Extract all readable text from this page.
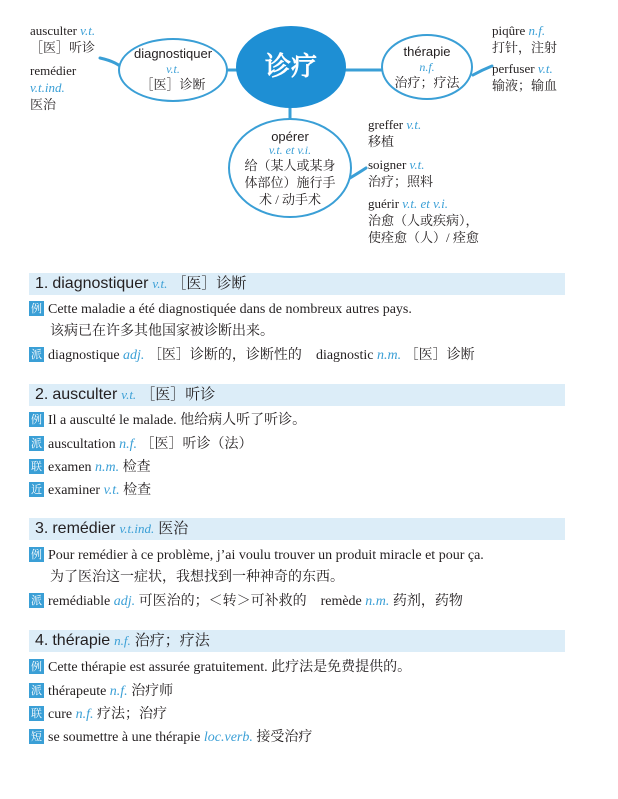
诊疗
diagnostiquer
v.t.
［医］诊断
thérapie
n.f.
治疗；疗法
opérer
v.t. et v.i.
给（某人或某身
体部位）施行手
术 / 动手术
ausculter v.t.
［医］听诊
remédier
v.t.ind.
医治
piqûre n.f.
打针，注射
perfuser v.t.
输液；输血
greffer v.t.
移植
soigner v.t.
治疗；照料
guérir v.t. et v.i.
治愈（人或疾病），
使痊愈（人）/ 痊愈
1. diagnostiquer v.t. ［医］诊断
例 Cette maladie a été diagnostiquée dans de nombreux autres pays.
该病已在许多其他国家被诊断出来。
派 diagnostique adj. ［医］诊断的，诊断性的 diagnostic n.m. ［医］诊断
2. ausculter v.t. ［医］听诊
例 Il a ausculté le malade. 他给病人听了听诊。
派 auscultation n.f. ［医］听诊（法）
联 examen n.m. 检查
近 examiner v.t. 检查
3. remédier v.t.ind. 医治
例 Pour remédier à ce problème, j’ai voulu trouver un produit miracle et pour ça.
为了医治这一症状，我想找到一种神奇的东西。
派 remédiable adj. 可医治的；＜转＞可补救的 remède n.m. 药剂，药物
4. thérapie n.f. 治疗；疗法
例 Cette thérapie est assurée gratuitement. 此疗法是免费提供的。
派 thérapeute n.f. 治疗师
联 cure n.f. 疗法；治疗
短 se soumettre à une thérapie loc.verb. 接受治疗
